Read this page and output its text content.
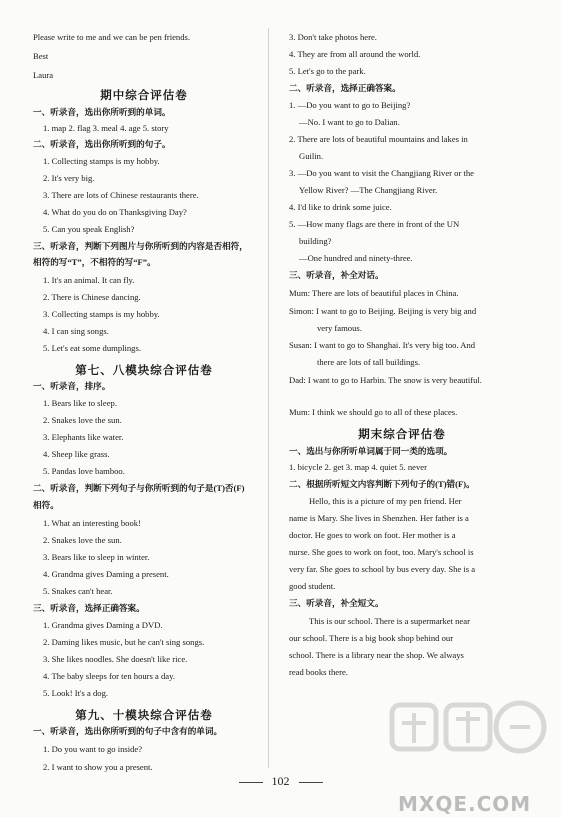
Please write to me and we can be pen friends.
Best
Laura
期中综合评估卷
一、听录音，选出你所听到的单词。
1. map 2. flag 3. meal 4. age 5. story
二、听录音，选出你所听到的句子。
1. Collecting stamps is my hobby.
2. It's very big.
3. There are lots of Chinese restaurants there.
4. What do you do on Thanksgiving Day?
5. Can you speak English?
三、听录音，判断下列图片与你所听到的内容是否相符，
相符的写“T”，不相符的写“F”。
1. It's an animal. It can fly.
2. There is Chinese dancing.
3. Collecting stamps is my hobby.
4. I can sing songs.
5. Let's eat some dumplings.
第七、八模块综合评估卷
一、听录音，排序。
1. Bears like to sleep.
2. Snakes love the sun.
3. Elephants like water.
4. Sheep like grass.
5. Pandas love bamboo.
二、听录音，判断下列句子与你所听到的句子是(T)否(F)
相符。
1. What an interesting book!
2. Snakes love the sun.
3. Bears like to sleep in winter.
4. Grandma gives Daming a present.
5. Snakes can't hear.
三、听录音，选择正确答案。
1. Grandma gives Daming a DVD.
2. Daming likes music, but he can't sing songs.
3. She likes noodles. She doesn't like rice.
4. The baby sleeps for ten hours a day.
5. Look! It's a dog.
第九、十模块综合评估卷
一、听录音，选出你所听到的句子中含有的单词。
1. Do you want to go inside?
2. I want to show you a present.
3. Don't take photos here.
4. They are from all around the world.
5. Let's go to the park.
二、听录音，选择正确答案。
1. —Do you want to go to Beijing?
—No. I want to go to Dalian.
2. There are lots of beautiful mountains and lakes in
Guilin.
3. —Do you want to visit the Changjiang River or the
Yellow River? —The Changjiang River.
4. I'd like to drink some juice.
5. —How many flags are there in front of the UN
building?
—One hundred and ninety-three.
三、听录音，补全对话。
Mum: There are lots of beautiful places in China.
Simon: I want to go to Beijing. Beijing is very big and
very famous.
Susan: I want to go to Shanghai. It's very big too. And
there are lots of tall buildings.
Dad: I want to go to Harbin. The snow is very beautiful.
Mum: I think we should go to all of these places.
期末综合评估卷
一、选出与你所听单词属于同一类的选项。
1. bicycle 2. get 3. map 4. quiet 5. never
二、根据所听短文内容判断下列句子的(T)错(F)。
Hello, this is a picture of my pen friend. Her
name is Mary. She lives in Shenzhen. Her father is a
doctor. He goes to work on foot. Her mother is a
nurse. She goes to work on foot, too. Mary's school is
very far. She goes to school by bus every day. She is a
good student.
三、听录音，补全短文。
This is our school. There is a supermarket near
our school. There is a big book shop behind our
school. There is a library near the shop. We always
read books there.
102
MXQE.COM
